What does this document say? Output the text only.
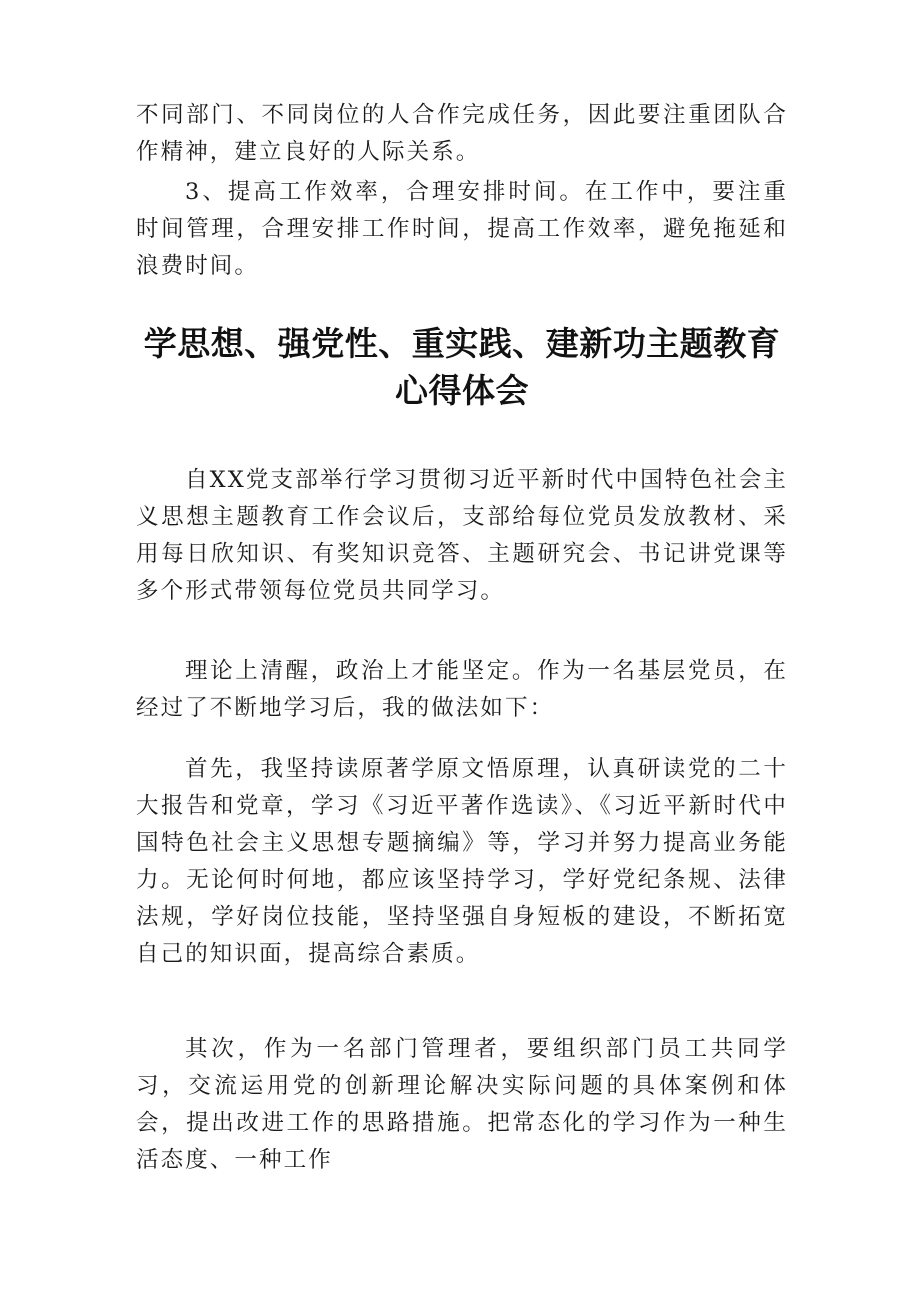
不同部门、不同岗位的人合作完成任务，因此要注重团队合作精神，建立良好的人际关系。

3、提高工作效率，合理安排时间。在工作中，要注重时间管理，合理安排工作时间，提高工作效率，避免拖延和浪费时间。

学思想、强党性、重实践、建新功主题教育心得体会

自XX党支部举行学习贯彻习近平新时代中国特色社会主义思想主题教育工作会议后，支部给每位党员发放教材、采用每日欣知识、有奖知识竞答、主题研究会、书记讲党课等多个形式带领每位党员共同学习。

理论上清醒，政治上才能坚定。作为一名基层党员，在经过了不断地学习后，我的做法如下：

首先，我坚持读原著学原文悟原理，认真研读党的二十大报告和党章，学习《习近平著作选读》、《习近平新时代中国特色社会主义思想专题摘编》等，学习并努力提高业务能力。无论何时何地，都应该坚持学习，学好党纪条规、法律法规，学好岗位技能，坚持坚强自身短板的建设，不断拓宽自己的知识面，提高综合素质。

其次，作为一名部门管理者，要组织部门员工共同学习，交流运用党的创新理论解决实际问题的具体案例和体会，提出改进工作的思路措施。把常态化的学习作为一种生活态度、一种工作
